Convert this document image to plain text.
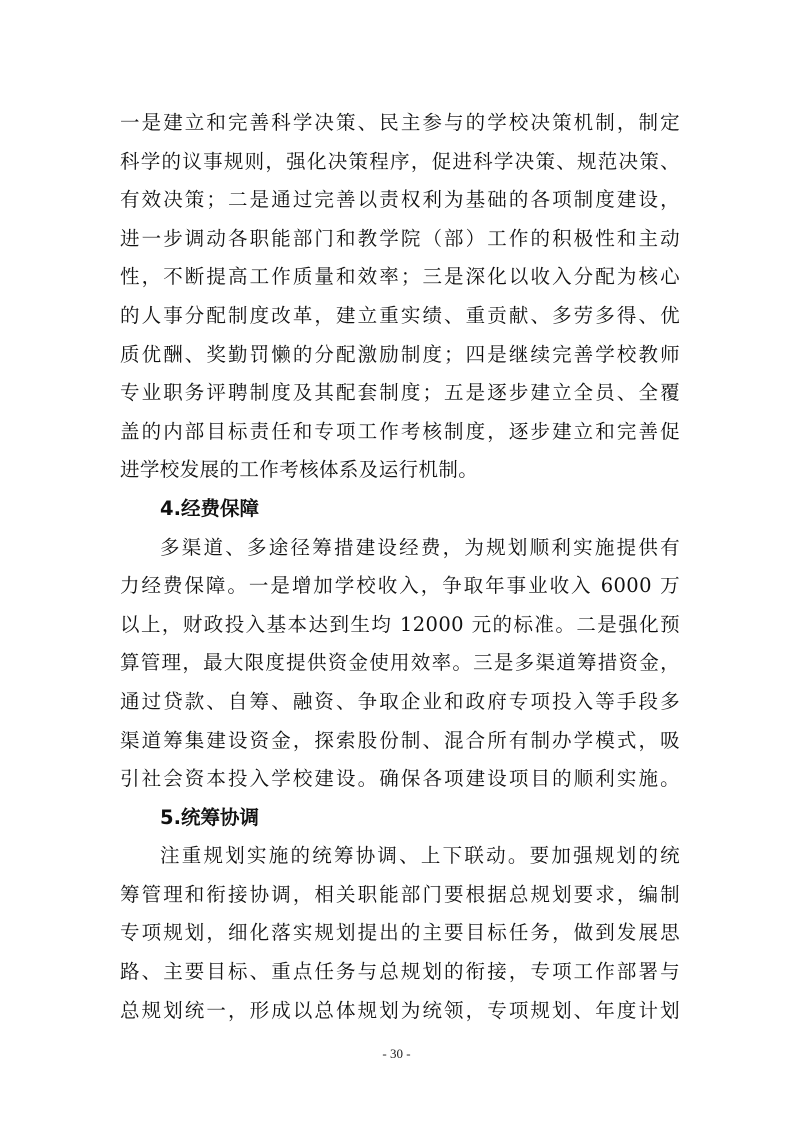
一是建立和完善科学决策、民主参与的学校决策机制，制定
科学的议事规则，强化决策程序，促进科学决策、规范决策、
有效决策；二是通过完善以责权利为基础的各项制度建设，
进一步调动各职能部门和教学院（部）工作的积极性和主动
性，不断提高工作质量和效率；三是深化以收入分配为核心
的人事分配制度改革，建立重实绩、重贡献、多劳多得、优
质优酬、奖勤罚懒的分配激励制度；四是继续完善学校教师
专业职务评聘制度及其配套制度；五是逐步建立全员、全覆
盖的内部目标责任和专项工作考核制度，逐步建立和完善促
进学校发展的工作考核体系及运行机制。
4.经费保障
多渠道、多途径筹措建设经费，为规划顺利实施提供有
力经费保障。一是增加学校收入，争取年事业收入 6000 万
以上，财政投入基本达到生均 12000 元的标准。二是强化预
算管理，最大限度提供资金使用效率。三是多渠道筹措资金，
通过贷款、自筹、融资、争取企业和政府专项投入等手段多
渠道筹集建设资金，探索股份制、混合所有制办学模式，吸
引社会资本投入学校建设。确保各项建设项目的顺利实施。
5.统筹协调
注重规划实施的统筹协调、上下联动。要加强规划的统
筹管理和衔接协调，相关职能部门要根据总规划要求，编制
专项规划，细化落实规划提出的主要目标任务，做到发展思
路、主要目标、重点任务与总规划的衔接，专项工作部署与
总规划统一，形成以总体规划为统领，专项规划、年度计划
- 30 -
